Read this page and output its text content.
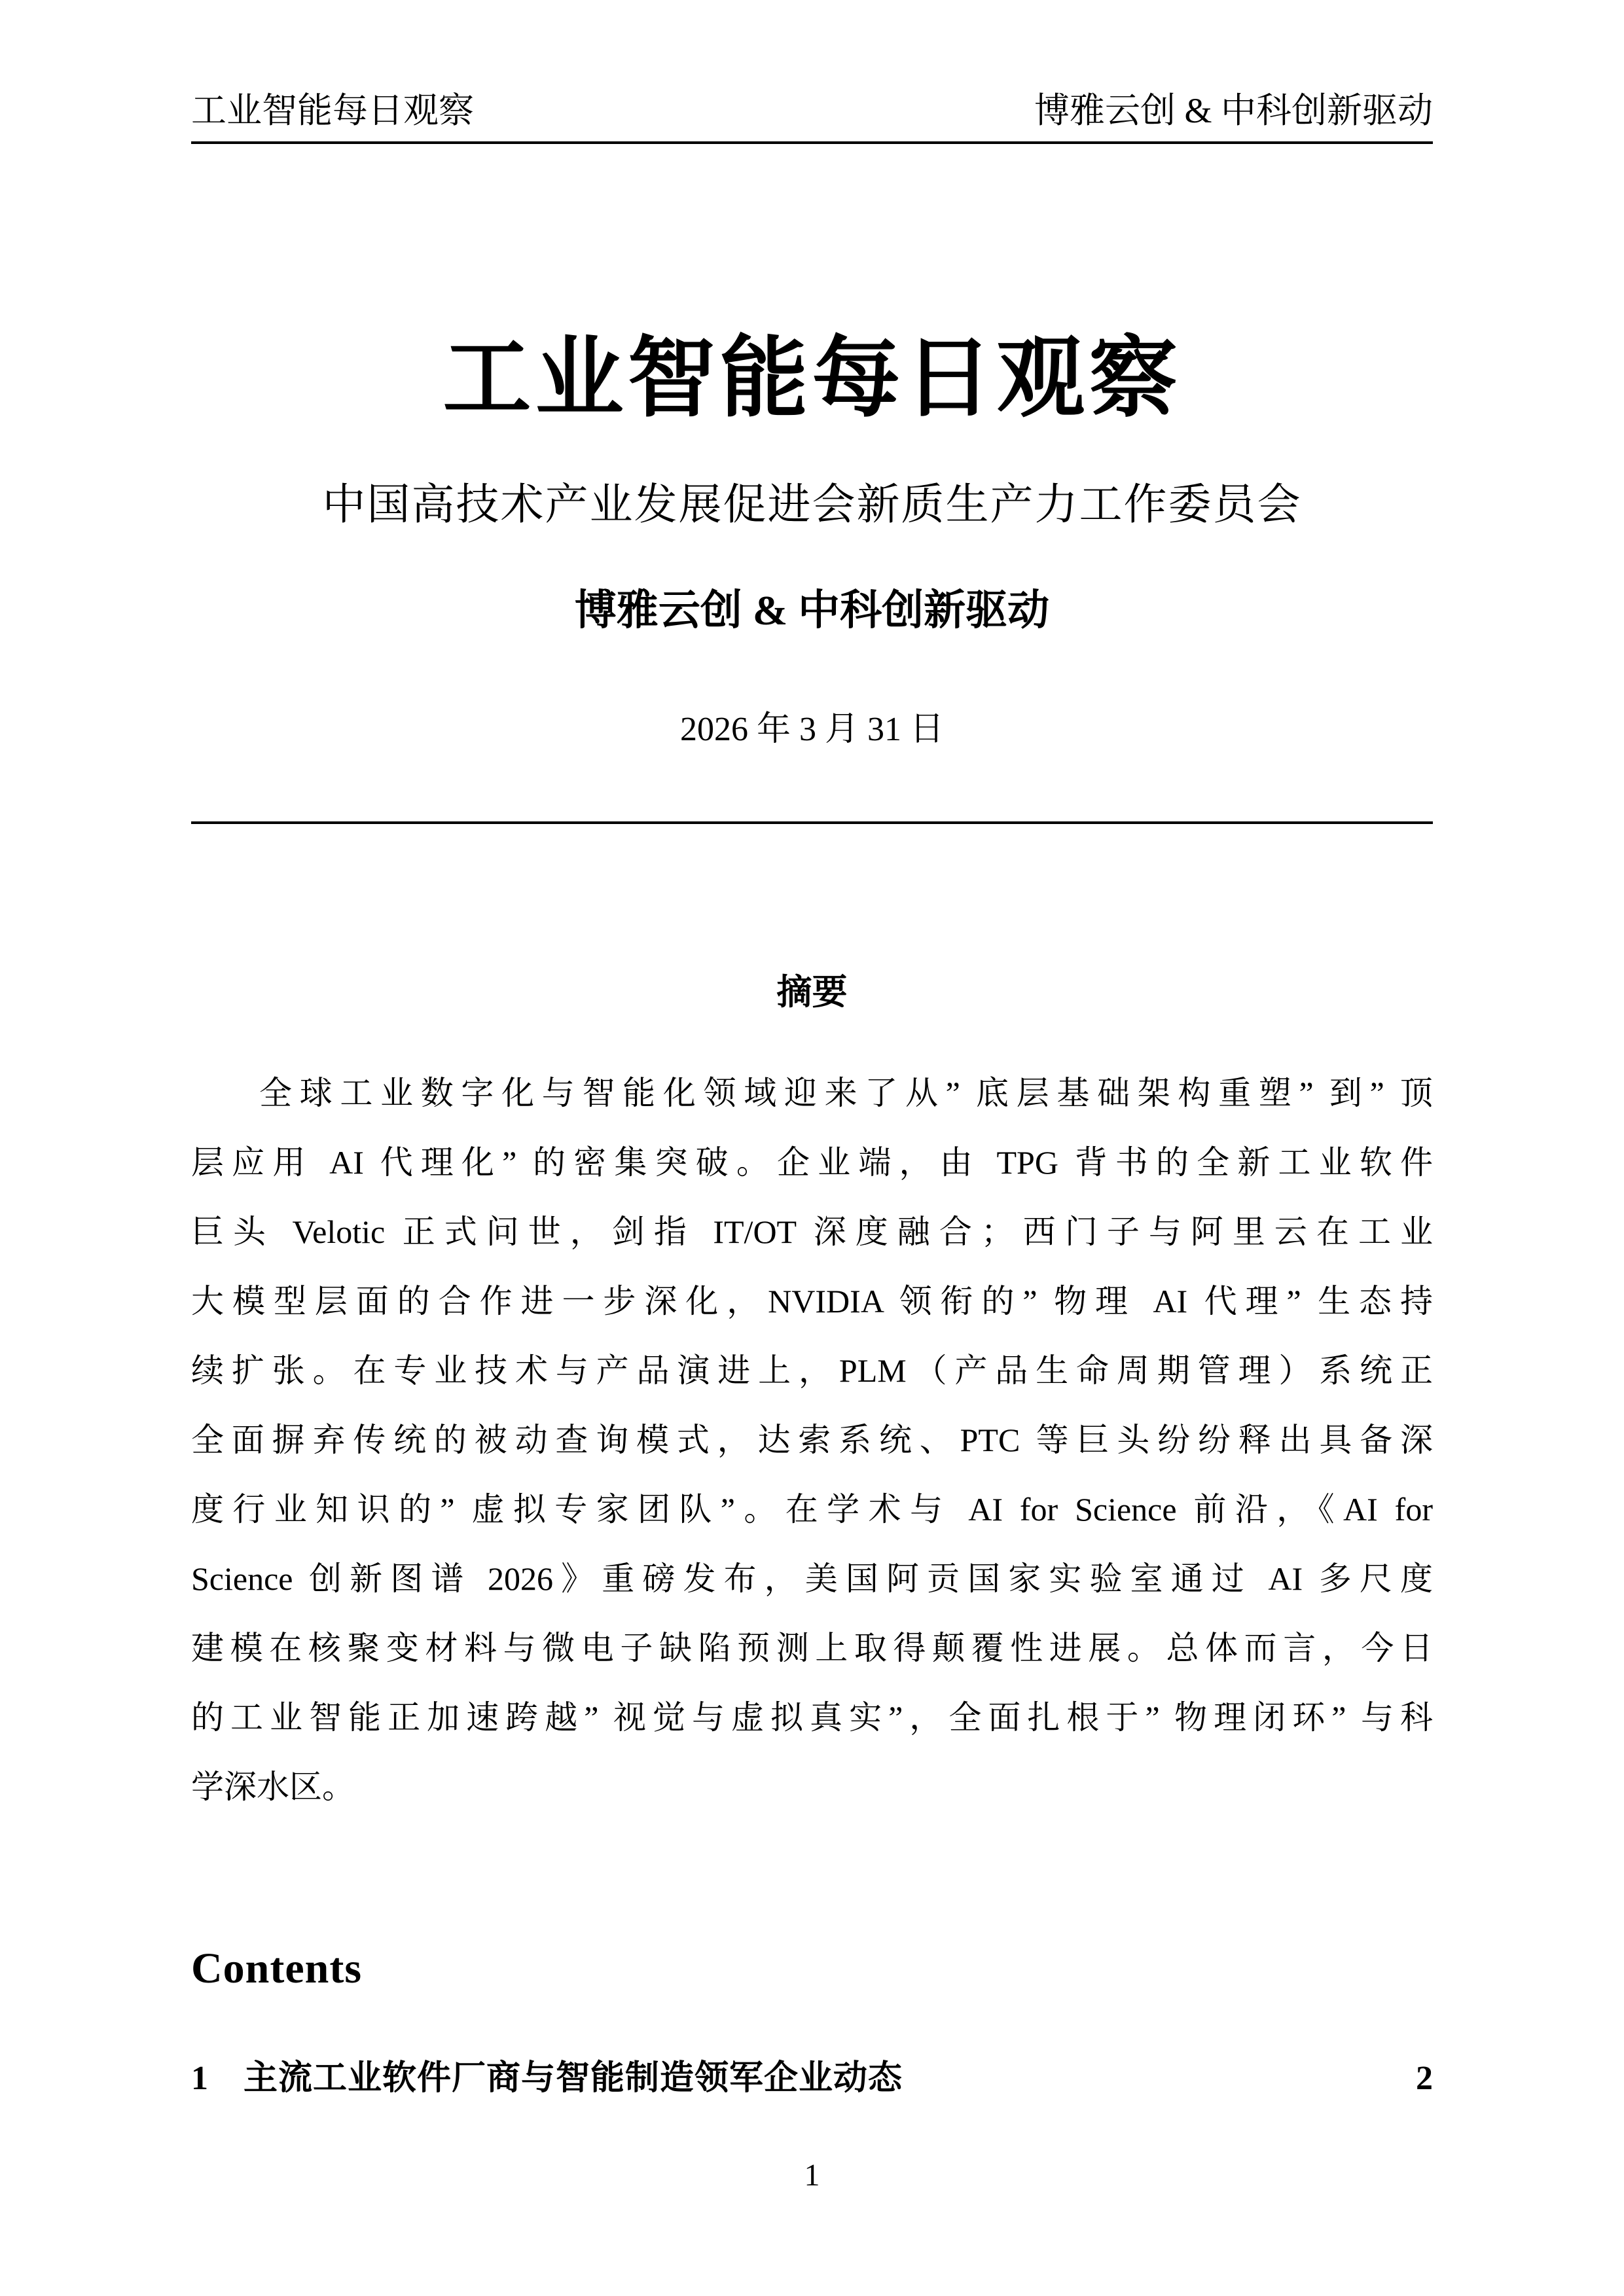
工业智能每日观察	博雅云创 & 中科创新驱动
工业智能每日观察
中国高技术产业发展促进会新质生产力工作委员会
博雅云创 & 中科创新驱动
2026 年 3 月 31 日
摘要
全球工业数字化与智能化领域迎来了从” 底层基础架构重塑” 到” 顶
层应用 AI 代理化” 的密集突破。企业端，由 TPG 背书的全新工业软件
巨头 Velotic 正式问世，剑指 IT/OT 深度融合；西门子与阿里云在工业
大模型层面的合作进一步深化，NVIDIA 领衔的” 物理 AI 代理” 生态持
续扩张。在专业技术与产品演进上，PLM（产品生命周期管理）系统正
全面摒弃传统的被动查询模式，达索系统、PTC 等巨头纷纷释出具备深
度行业知识的” 虚拟专家团队”。在学术与 AI for Science 前沿，《AI for
Science 创新图谱 2026》重磅发布，美国阿贡国家实验室通过 AI 多尺度
建模在核聚变材料与微电子缺陷预测上取得颠覆性进展。总体而言，今日
的工业智能正加速跨越” 视觉与虚拟真实”，全面扎根于” 物理闭环” 与科
学深水区。
Contents
1	主流工业软件厂商与智能制造领军企业动态	2
1
